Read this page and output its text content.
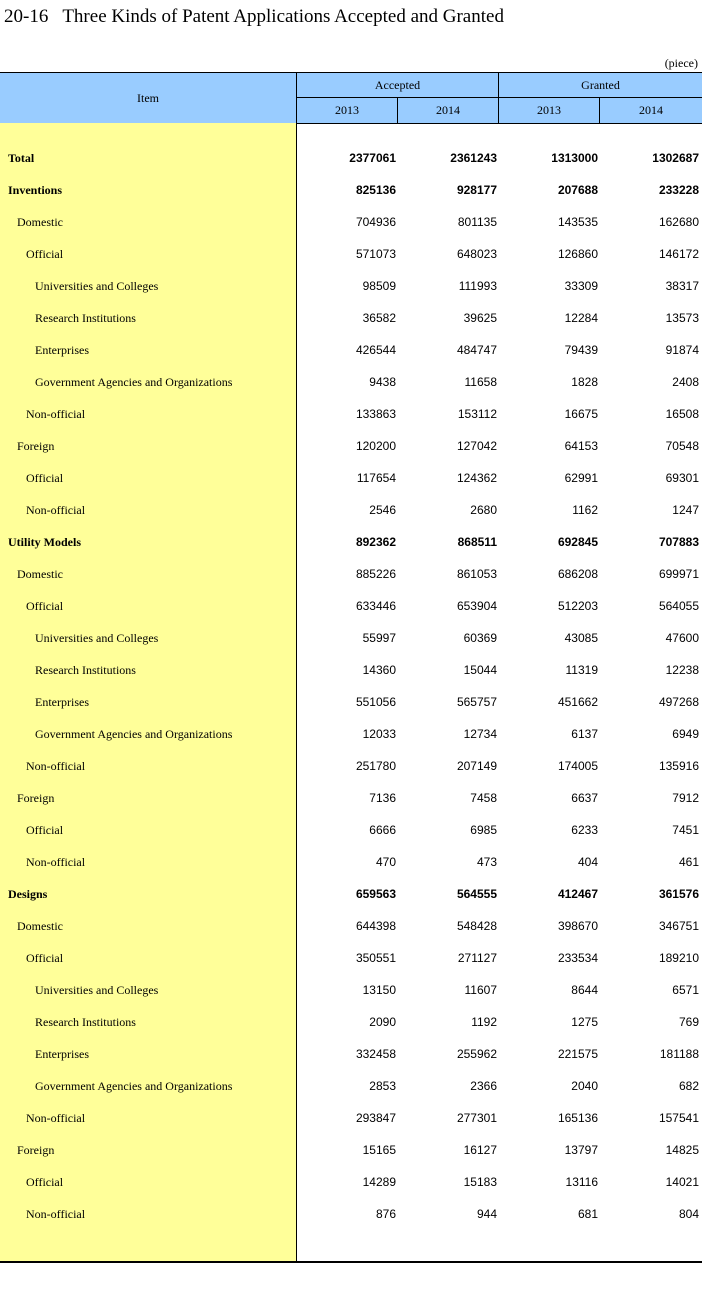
20-16 Three Kinds of Patent Applications Accepted and Granted
(piece)
Item
Accepted	Granted
2013	2014	2013	2014
Total	2377061	2361243	1313000	1302687
Inventions	825136	928177	207688	233228
Domestic	704936	801135	143535	162680
Official	571073	648023	126860	146172
Universities and Colleges	98509	111993	33309	38317
Research Institutions	36582	39625	12284	13573
Enterprises	426544	484747	79439	91874
Government Agencies and Organizations	9438	11658	1828	2408
Non-official	133863	153112	16675	16508
Foreign	120200	127042	64153	70548
Official	117654	124362	62991	69301
Non-official	2546	2680	1162	1247
Utility Models	892362	868511	692845	707883
Domestic	885226	861053	686208	699971
Official	633446	653904	512203	564055
Universities and Colleges	55997	60369	43085	47600
Research Institutions	14360	15044	11319	12238
Enterprises	551056	565757	451662	497268
Government Agencies and Organizations	12033	12734	6137	6949
Non-official	251780	207149	174005	135916
Foreign	7136	7458	6637	7912
Official	6666	6985	6233	7451
Non-official	470	473	404	461
Designs	659563	564555	412467	361576
Domestic	644398	548428	398670	346751
Official	350551	271127	233534	189210
Universities and Colleges	13150	11607	8644	6571
Research Institutions	2090	1192	1275	769
Enterprises	332458	255962	221575	181188
Government Agencies and Organizations	2853	2366	2040	682
Non-official	293847	277301	165136	157541
Foreign	15165	16127	13797	14825
Official	14289	15183	13116	14021
Non-official	876	944	681	804
